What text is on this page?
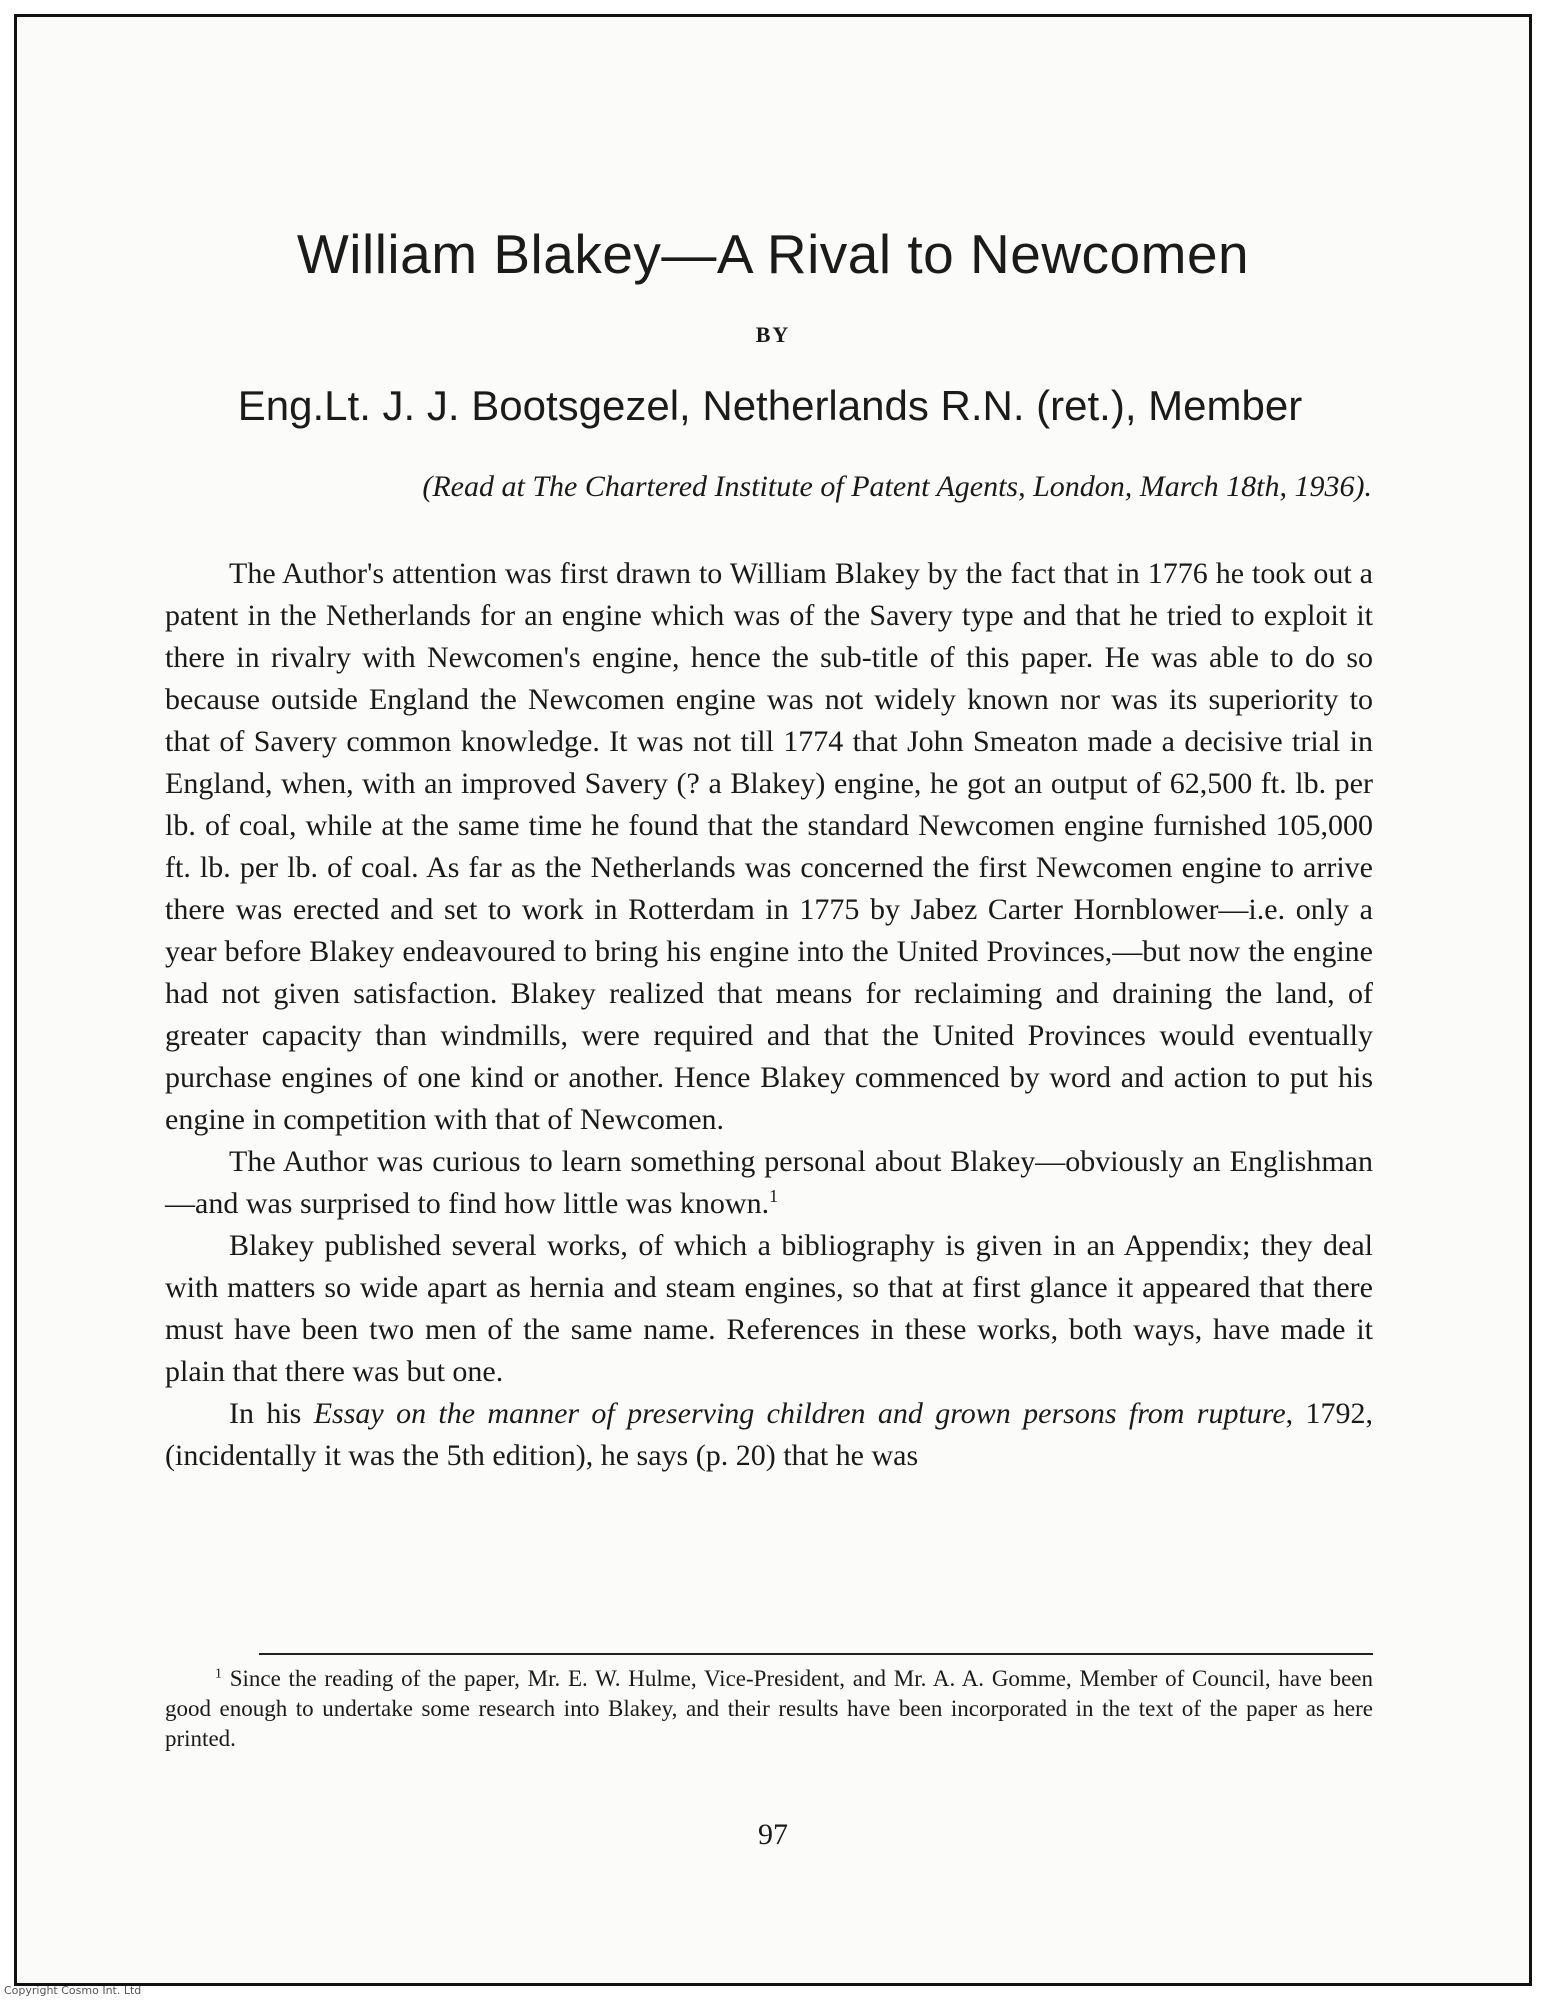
William Blakey—A Rival to Newcomen
BY
Eng.Lt. J. J. Bootsgezel, Netherlands R.N. (ret.), Member
(Read at The Chartered Institute of Patent Agents, London, March 18th, 1936).

The Author's attention was first drawn to William Blakey by the fact that in 1776 he took out a patent in the Netherlands for an engine which was of the Savery type and that he tried to exploit it there in rivalry with Newcomen's engine, hence the sub-title of this paper. He was able to do so because outside England the Newcomen engine was not widely known nor was its superiority to that of Savery common knowledge. It was not till 1774 that John Smeaton made a decisive trial in England, when, with an improved Savery (? a Blakey) engine, he got an output of 62,500 ft. lb. per lb. of coal, while at the same time he found that the standard Newcomen engine furnished 105,000 ft. lb. per lb. of coal. As far as the Netherlands was concerned the first Newcomen engine to arrive there was erected and set to work in Rotterdam in 1775 by Jabez Carter Hornblower—i.e. only a year before Blakey endeavoured to bring his engine into the United Provinces,—but now the engine had not given satisfaction. Blakey realized that means for reclaiming and draining the land, of greater capacity than windmills, were required and that the United Provinces would eventually purchase engines of one kind or another. Hence Blakey commenced by word and action to put his engine in competition with that of Newcomen.

The Author was curious to learn something personal about Blakey—obviously an Englishman—and was surprised to find how little was known.$^1$

Blakey published several works, of which a bibliography is given in an Appendix; they deal with matters so wide apart as hernia and steam engines, so that at first glance it appeared that there must have been two men of the same name. References in these works, both ways, have made it plain that there was but one.

In his Essay on the manner of preserving children and grown persons from rupture, 1792, (incidentally it was the 5th edition), he says (p. 20) that he was

$^1$ Since the reading of the paper, Mr. E. W. Hulme, Vice-President, and Mr. A. A. Gomme, Member of Council, have been good enough to undertake some research into Blakey, and their results have been incorporated in the text of the paper as here printed.
97
Copyright Cosmo Int. Ltd
